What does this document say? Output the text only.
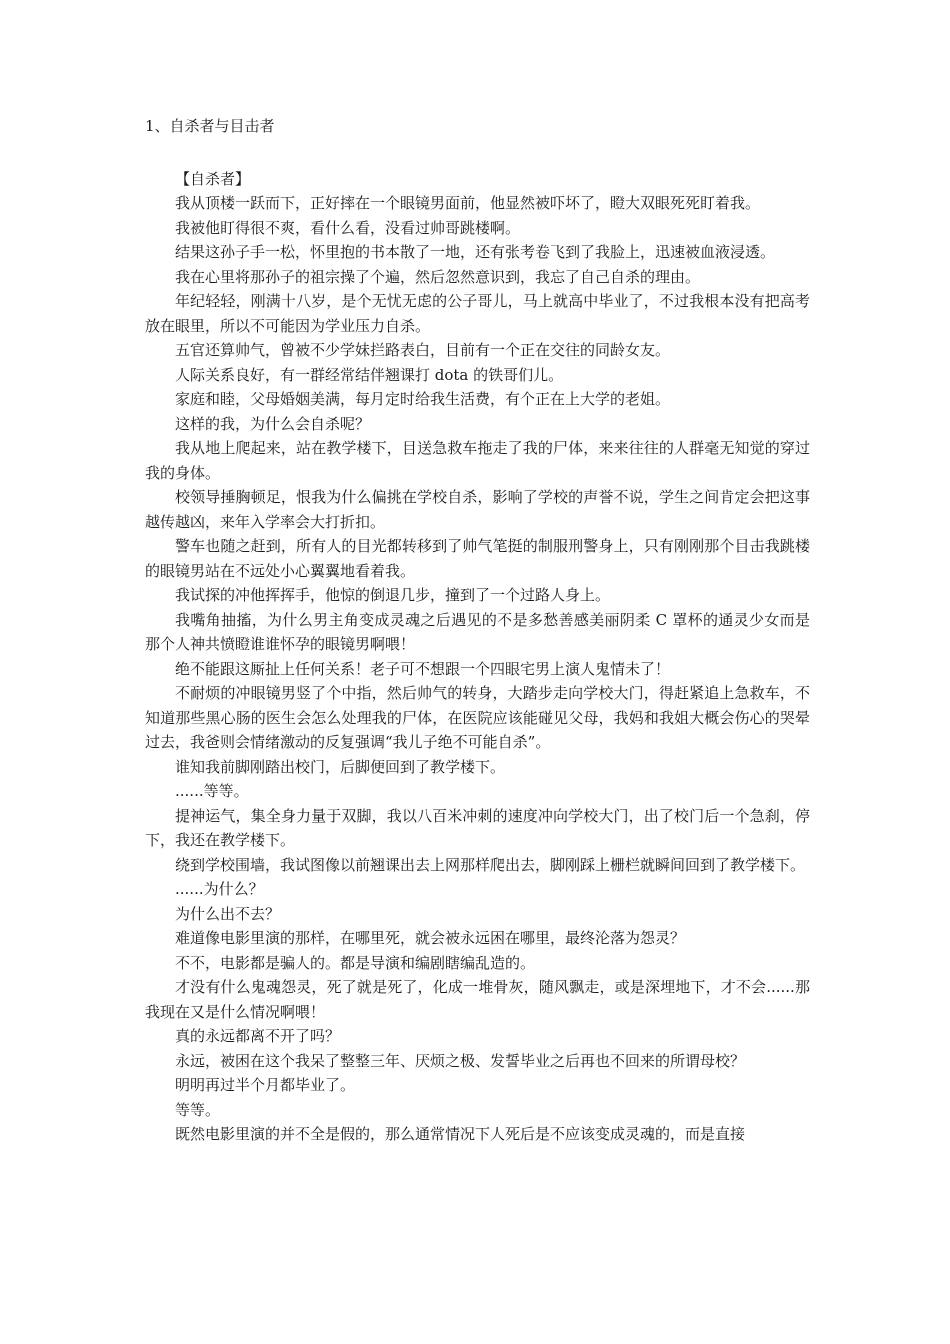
1、自杀者与目击者
【自杀者】

我从顶楼一跃而下，正好摔在一个眼镜男面前，他显然被吓坏了，瞪大双眼死死盯着我。

我被他盯得很不爽，看什么看，没看过帅哥跳楼啊。

结果这孙子手一松，怀里抱的书本散了一地，还有张考卷飞到了我脸上，迅速被血液浸透。

我在心里将那孙子的祖宗操了个遍，然后忽然意识到，我忘了自己自杀的理由。

年纪轻轻，刚满十八岁，是个无忧无虑的公子哥儿，马上就高中毕业了，不过我根本没有把高考放在眼里，所以不可能因为学业压力自杀。

五官还算帅气，曾被不少学妹拦路表白，目前有一个正在交往的同龄女友。

人际关系良好，有一群经常结伴翘课打 dota 的铁哥们儿。

家庭和睦，父母婚姻美满，每月定时给我生活费，有个正在上大学的老姐。

这样的我，为什么会自杀呢？

我从地上爬起来，站在教学楼下，目送急救车拖走了我的尸体，来来往往的人群毫无知觉的穿过我的身体。

校领导捶胸顿足，恨我为什么偏挑在学校自杀，影响了学校的声誉不说，学生之间肯定会把这事越传越凶，来年入学率会大打折扣。

警车也随之赶到，所有人的目光都转移到了帅气笔挺的制服刑警身上，只有刚刚那个目击我跳楼的眼镜男站在不远处小心翼翼地看着我。

我试探的冲他挥挥手，他惊的倒退几步，撞到了一个过路人身上。

我嘴角抽搐，为什么男主角变成灵魂之后遇见的不是多愁善感美丽阴柔 C 罩杯的通灵少女而是那个人神共愤瞪谁谁怀孕的眼镜男啊喂！

绝不能跟这厮扯上任何关系！老子可不想跟一个四眼宅男上演人鬼情未了！

不耐烦的冲眼镜男竖了个中指，然后帅气的转身，大踏步走向学校大门，得赶紧追上急救车，不知道那些黑心肠的医生会怎么处理我的尸体，在医院应该能碰见父母，我妈和我姐大概会伤心的哭晕过去，我爸则会情绪激动的反复强调“我儿子绝不可能自杀”。

谁知我前脚刚踏出校门，后脚便回到了教学楼下。

......等等。

提神运气，集全身力量于双脚，我以八百米冲刺的速度冲向学校大门，出了校门后一个急刹，停下，我还在教学楼下。

绕到学校围墙，我试图像以前翘课出去上网那样爬出去，脚刚踩上栅栏就瞬间回到了教学楼下。

......为什么？

为什么出不去？

难道像电影里演的那样，在哪里死，就会被永远困在哪里，最终沦落为怨灵？

不不，电影都是骗人的。都是导演和编剧瞎编乱造的。

才没有什么鬼魂怨灵，死了就是死了，化成一堆骨灰，随风飘走，或是深埋地下，才不会......那我现在又是什么情况啊喂！

真的永远都离不开了吗？

永远，被困在这个我呆了整整三年、厌烦之极、发誓毕业之后再也不回来的所谓母校？

明明再过半个月都毕业了。

等等。

既然电影里演的并不全是假的，那么通常情况下人死后是不应该变成灵魂的，而是直接
